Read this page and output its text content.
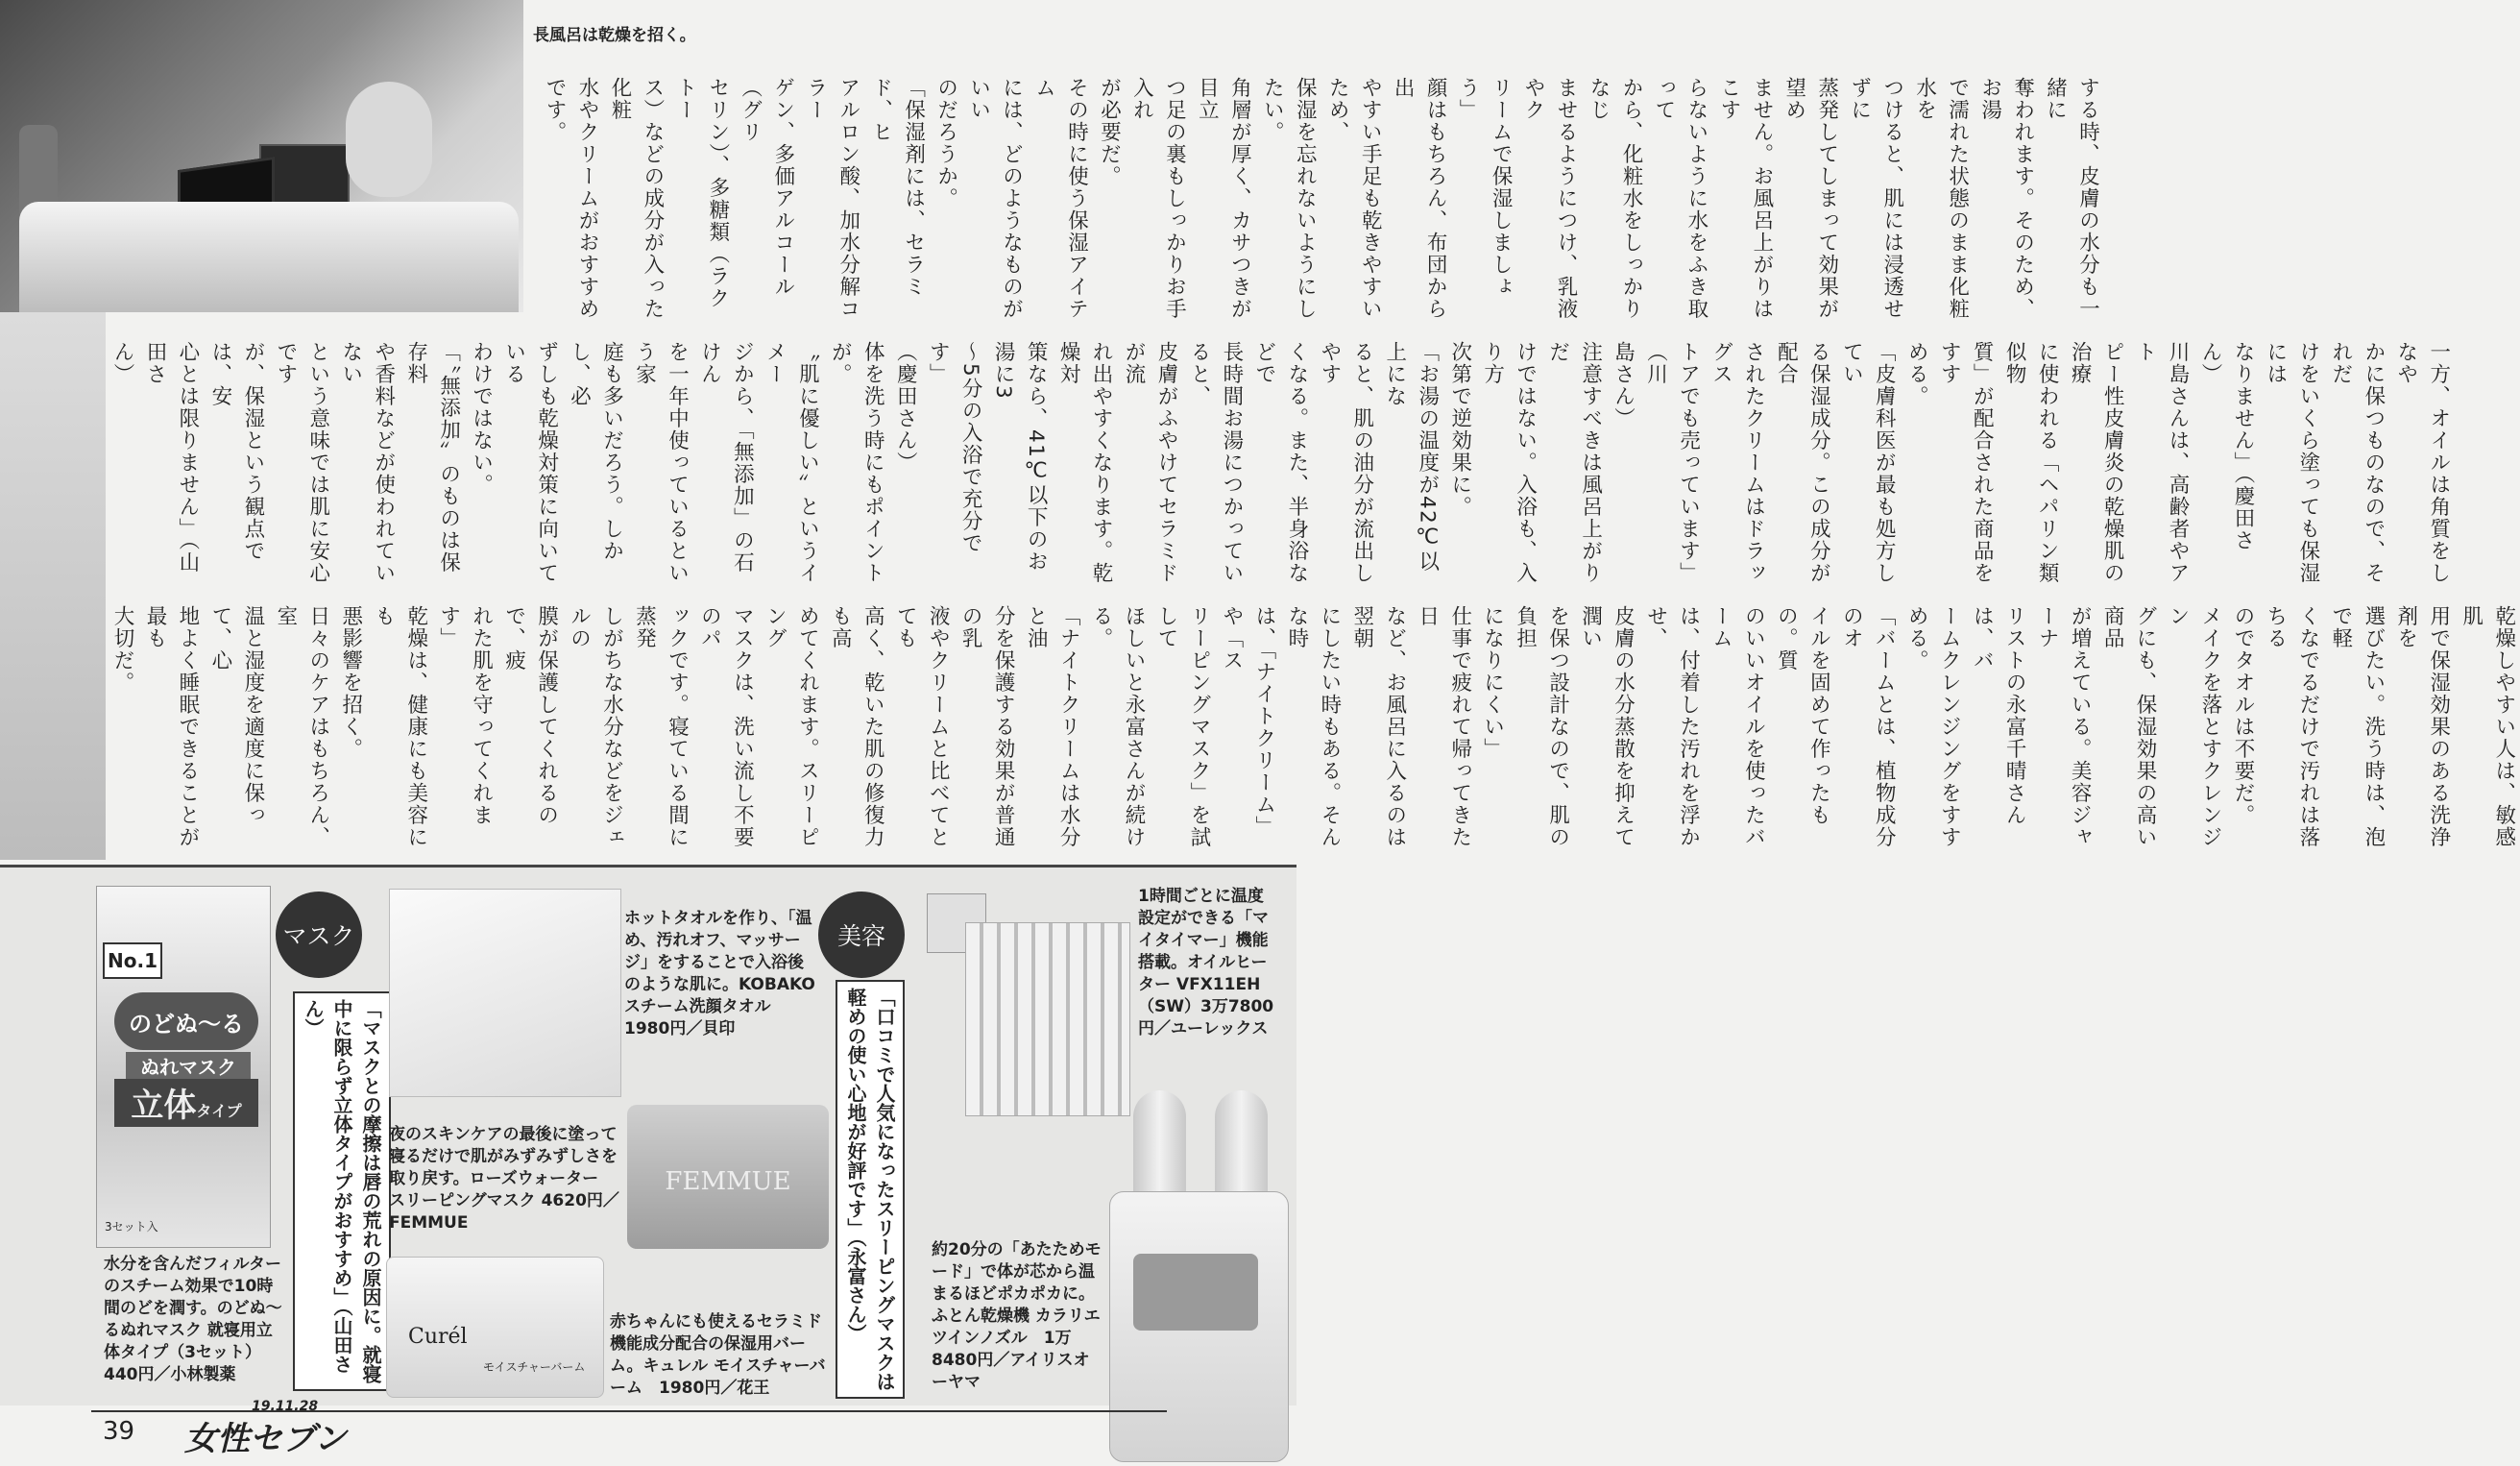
長風呂は乾燥を招く。
する時、皮膚の水分も一緒に
奪われます。そのため、お湯
で濡れた状態のまま化粧水を
つけると、肌には浸透せずに
蒸発してしまって効果が望め
ません。お風呂上がりはこす
らないように水をふき取って
から、化粧水をしっかりなじ
ませるようにつけ、乳液やク
リームで保湿しましょう」
顔はもちろん、布団から出
やすい手足も乾きやすいため、
保湿を忘れないようにしたい。
角層が厚く、カサつきが目立
つ足の裏もしっかりお手入れ
が必要だ。
その時に使う保湿アイテム
には、どのようなものがいい
のだろうか。
「保湿剤には、セラミド、ヒ
アルロン酸、加水分解コラー
ゲン、多価アルコール（グリ
セリン）、多糖類（ラクトー
ス）などの成分が入った化粧
水やクリームがおすすめです。

一方、オイルは角質をしなや
かに保つものなので、それだ
けをいくら塗っても保湿には
なりません」（慶田さん）
川島さんは、高齢者やアト
ピー性皮膚炎の乾燥肌の治療
に使われる「ヘパリン類似物
質」が配合された商品をすす
める。
「皮膚科医が最も処方してい
る保湿成分。この成分が配合
されたクリームはドラッグス
トアでも売っています」（川
島さん）
注意すべきは風呂上がりだ
けではない。入浴も、入り方
次第で逆効果に。
「お湯の温度が42℃以上にな
ると、肌の油分が流出しやす
くなる。また、半身浴などで
長時間お湯につかっていると、
皮膚がふやけてセラミドが流
れ出やすくなります。乾燥対
策なら、41℃以下のお湯に3
～5分の入浴で充分です」
（慶田さん）
体を洗う時にもポイントが。
〝肌に優しい〟というイメー
ジから、「無添加」の石けん
を一年中使っているという家
庭も多いだろう。しかし、必
ずしも乾燥対策に向いている
わけではない。
「〝無添加〟のものは保存料
や香料などが使われていない
という意味では肌に安心です
が、保湿という観点では、安
心とは限りません」（山田さ
ん）

乾燥しやすい人は、敏感肌
用で保湿効果のある洗浄剤を
選びたい。洗う時は、泡で軽
くなでるだけで汚れは落ちる
のでタオルは不要だ。
メイクを落とすクレンジン
グにも、保湿効果の高い商品
が増えている。美容ジャーナ
リストの永富千晴さんは、バ
ームクレンジングをすすめる。
「バームとは、植物成分のオ
イルを固めて作ったもの。質
のいいオイルを使ったバーム
は、付着した汚れを浮かせ、
皮膚の水分蒸散を抑えて潤い
を保つ設計なので、肌の負担
になりにくい」
仕事で疲れて帰ってきた日
など、お風呂に入るのは翌朝
にしたい時もある。そんな時
は、「ナイトクリーム」や「ス
リーピングマスク」を試して
ほしいと永富さんが続ける。
「ナイトクリームは水分と油
分を保護する効果が普通の乳
液やクリームと比べてとても
高く、乾いた肌の修復力も高
めてくれます。スリーピング
マスクは、洗い流し不要のパ
ックです。寝ている間に蒸発
しがちな水分などをジェルの
膜が保護してくれるので、疲
れた肌を守ってくれます」
乾燥は、健康にも美容にも
悪影響を招く。
日々のケアはもちろん、室
温と湿度を適度に保って、心
地よく睡眠できることが最も
大切だ。

No.1
のどぬ～る
ぬれマスク
立体タイプ
3セット入
水分を含んだフィルターのスチーム効果で10時間のどを潤す。のどぬ～るぬれマスク 就寝用立体タイプ（3セット）440円／小林製薬
マスク
「マスクとの摩擦は唇の荒れの原因に。就寝中に限らず立体タイプがおすすめ」（山田さん）
ホットタオルを作り、「温め、汚れオフ、マッサージ」をすることで入浴後のような肌に。KOBAKO スチーム洗顔タオル　1980円／貝印
夜のスキンケアの最後に塗って寝るだけで肌がみずみずしさを取り戻す。ローズウォーター スリーピングマスク 4620円／FEMMUE
FEMMUE
Curél
モイスチャーバーム
赤ちゃんにも使えるセラミド機能成分配合の保湿用バーム。キュレル モイスチャーバーム　1980円／花王
美容
「口コミで人気になったスリーピングマスクは軽めの使い心地が好評です」（永富さん）
1時間ごとに温度設定ができる「マイタイマー」機能搭載。オイルヒーター VFX11EH（SW）3万7800円／ユーレックス
約20分の「あたためモード」で体が芯から温まるほどポカポカに。ふとん乾燥機 カラリエ ツインノズル　1万8480円／アイリスオーヤマ
39
19.11.28
女性セブン
